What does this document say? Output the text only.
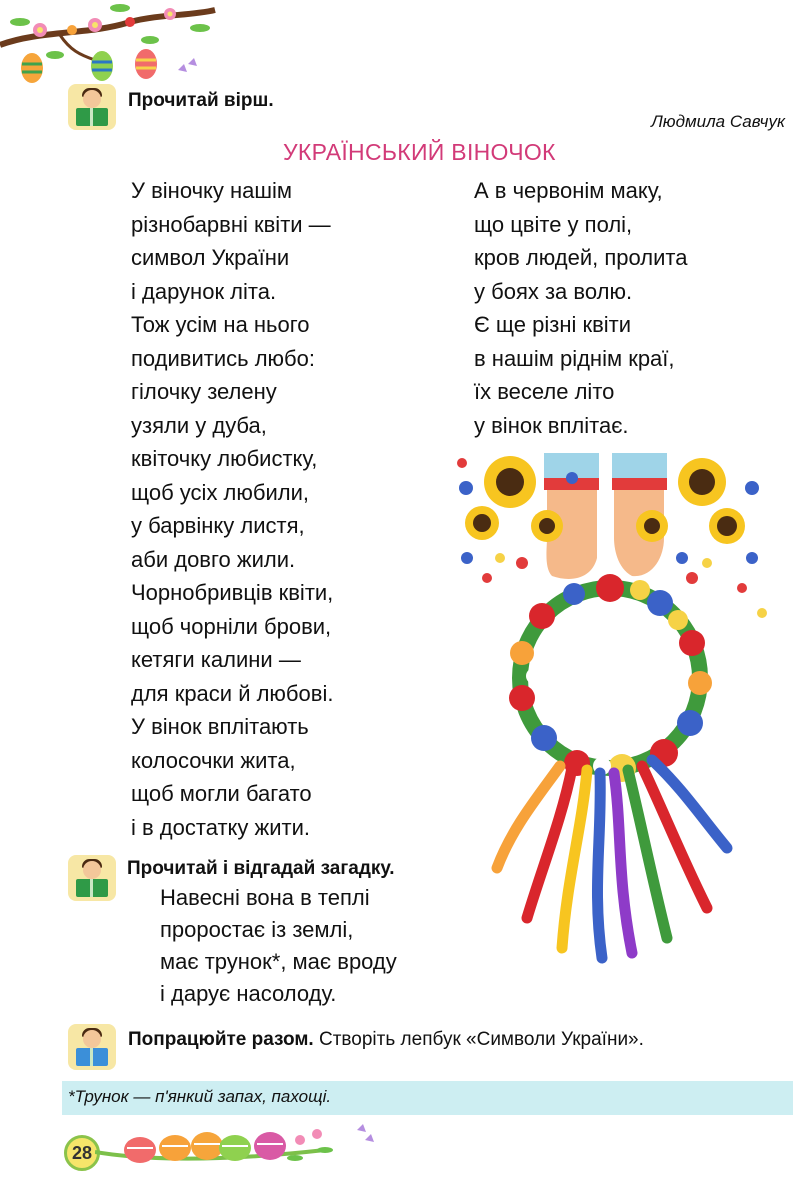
Прочитай вірш.
Людмила Савчук
УКРАЇНСЬКИЙ ВІНОЧОК
У віночку нашім
різнобарвні квіти —
символ України
і дарунок літа.
Тож усім на нього
подивитись любо:
гілочку зелену
узяли у дуба,
квіточку любистку,
щоб усіх любили,
у барвінку листя,
аби довго жили.
Чорнобривців квіти,
щоб чорніли брови,
кетяги калини —
для краси й любові.
У вінок вплітають
колосочки жита,
щоб могли багато
і в достатку жити.
А в червонім маку,
що цвіте у полі,
кров людей, пролита
у боях за волю.
Є ще різні квіти
в нашім ріднім краї,
їх веселе літо
у вінок вплітає.
Прочитай і відгадай загадку.
Навесні вона в теплі
проростає із землі,
має трунок*, має вроду
і дарує насолоду.
Попрацюйте разом. Створіть лепбук «Символи України».
*Трунок — п'янкий запах, пахощі.
28
